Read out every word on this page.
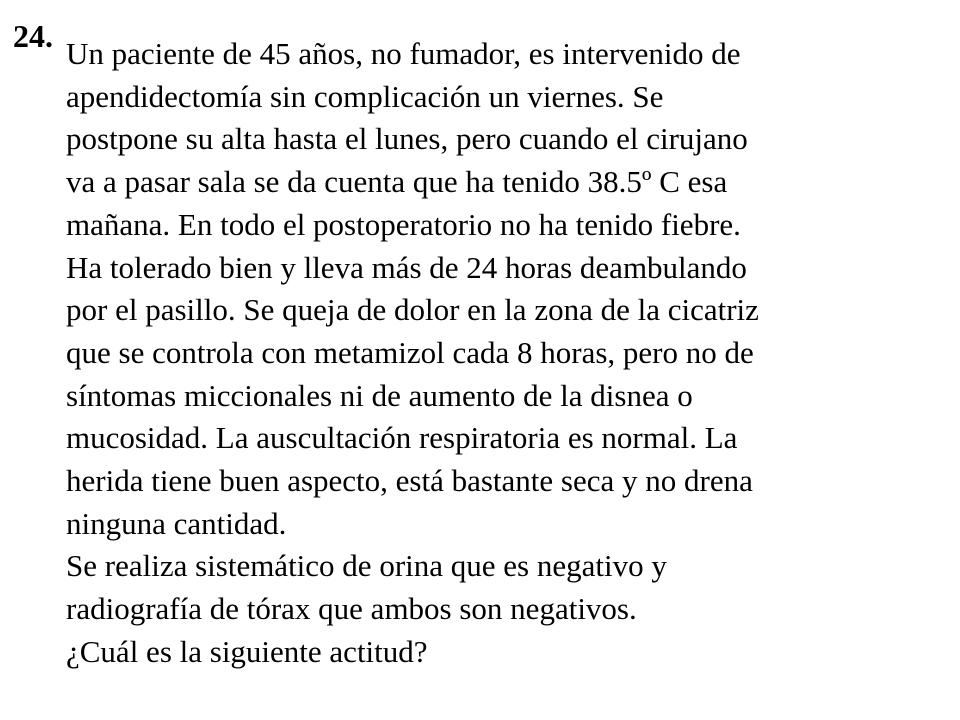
24. Un paciente de 45 años, no fumador, es intervenido de
apendidectomía sin complicación un viernes. Se
postpone su alta hasta el lunes, pero cuando el cirujano
va a pasar sala se da cuenta que ha tenido 38.5º C esa
mañana. En todo el postoperatorio no ha tenido fiebre.
Ha tolerado bien y lleva más de 24 horas deambulando
por el pasillo. Se queja de dolor en la zona de la cicatriz
que se controla con metamizol cada 8 horas, pero no de
síntomas miccionales ni de aumento de la disnea o
mucosidad. La auscultación respiratoria es normal. La
herida tiene buen aspecto, está bastante seca y no drena
ninguna cantidad.
Se realiza sistemático de orina que es negativo y
radiografía de tórax que ambos son negativos.
¿Cuál es la siguiente actitud?
